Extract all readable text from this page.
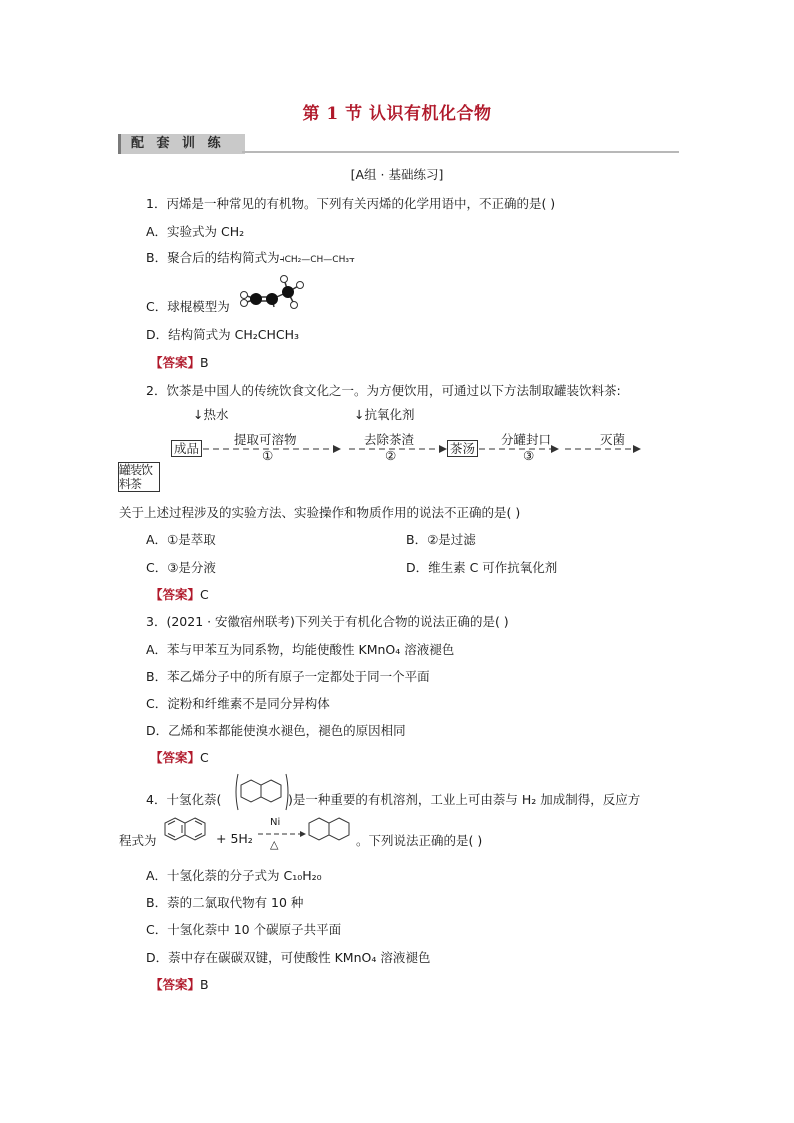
第 1 节 认识有机化合物
配 套 训 练
[A组 · 基础练习]
1．丙烯是一种常见的有机物。下列有关丙烯的化学用语中，不正确的是( )
A．实验式为 CH₂
B．聚合后的结构简式为⫞CH₂—CH—CH₃⫟
C．球棍模型为
D．结构简式为 CH₂CHCH₃
【答案】B
2．饮茶是中国人的传统饮食文化之一。为方便饮用，可通过以下方法制取罐装饮料茶:
↓热水	↓抗氧化剂
成品
提取可溶物
①
去除茶渣
②	茶汤
分罐封口
③
灭菌
罐装饮料茶
关于上述过程涉及的实验方法、实验操作和物质作用的说法不正确的是( )
A．①是萃取	B．②是过滤
C．③是分液	D．维生素 C 可作抗氧化剂
【答案】C
3．(2021 · 安徽宿州联考)下列关于有机化合物的说法正确的是( )
A．苯与甲苯互为同系物，均能使酸性 KMnO₄ 溶液褪色
B．苯乙烯分子中的所有原子一定都处于同一个平面
C．淀粉和纤维素不是同分异构体
D．乙烯和苯都能使溴水褪色，褪色的原因相同
【答案】C
4．十氢化萘(	)是一种重要的有机溶剂，工业上可由萘与 H₂ 加成制得，反应方
程式为	+ 5H₂
Ni
△	。下列说法正确的是( )
A．十氢化萘的分子式为 C₁₀H₂₀
B．萘的二氯取代物有 10 种
C．十氢化萘中 10 个碳原子共平面
D．萘中存在碳碳双键，可使酸性 KMnO₄ 溶液褪色
【答案】B
